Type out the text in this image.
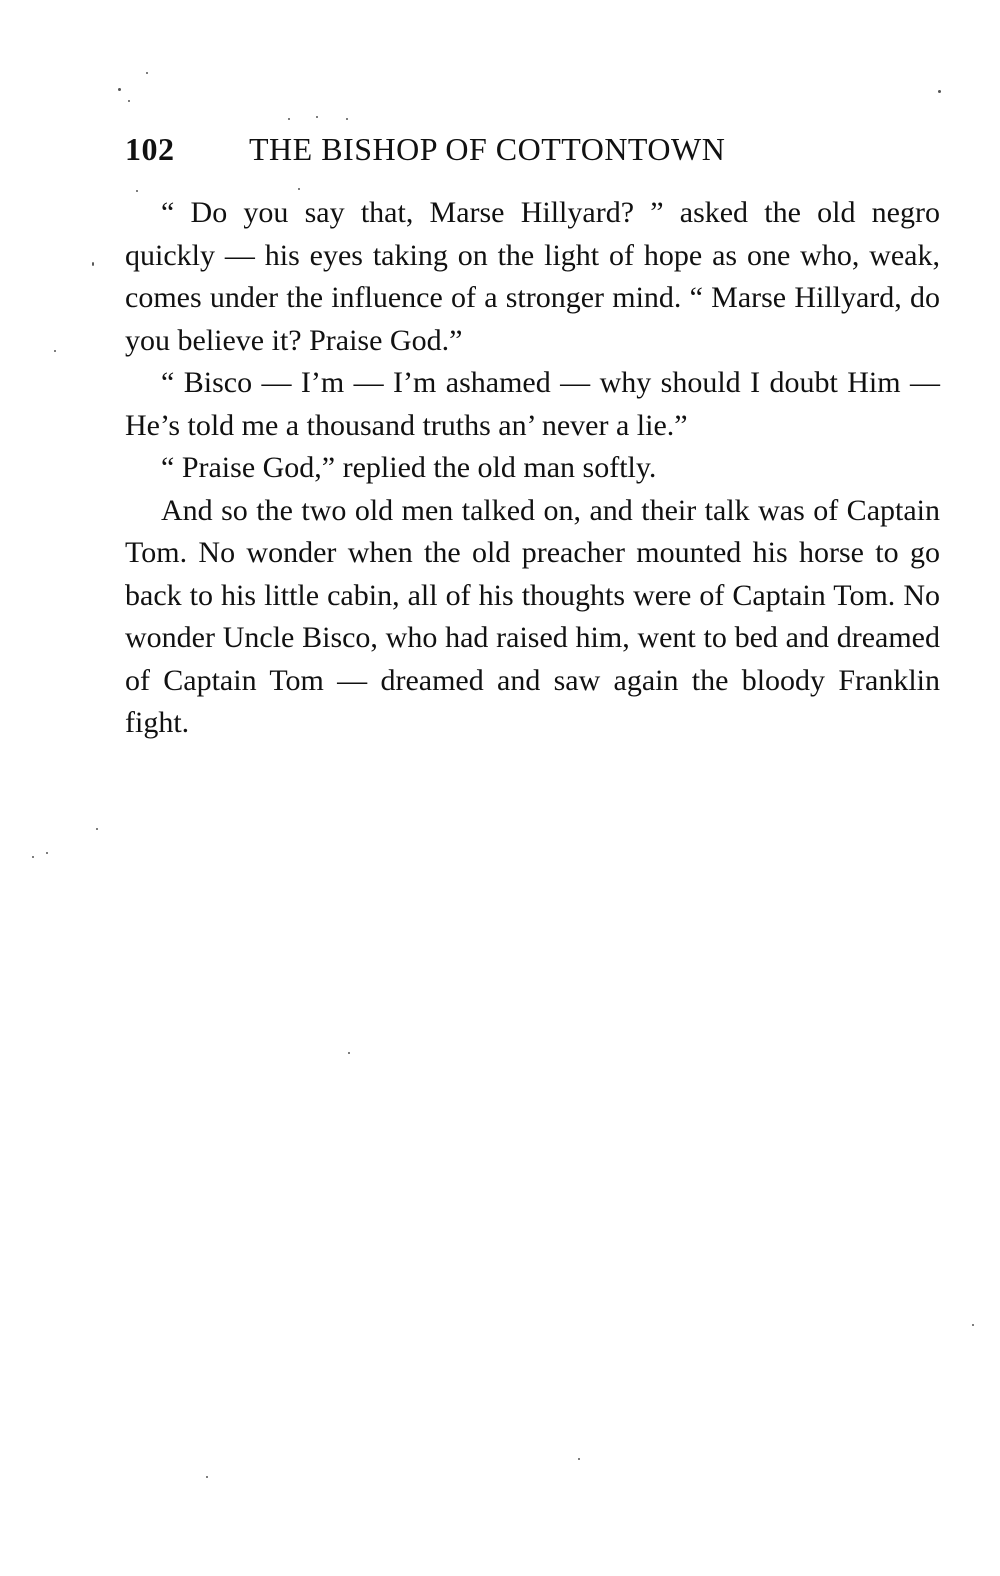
102 THE BISHOP OF COTTONTOWN

“ Do you say that, Marse Hillyard? ” asked the old negro quickly — his eyes taking on the light of hope as one who, weak, comes under the influence of a stronger mind. “ Marse Hillyard, do you believe it? Praise God.”

“ Bisco — I’m — I’m ashamed — why should I doubt Him — He’s told me a thousand truths an’ never a lie.”

“ Praise God,” replied the old man softly.

And so the two old men talked on, and their talk was of Captain Tom. No wonder when the old preacher mounted his horse to go back to his little cabin, all of his thoughts were of Captain Tom. No wonder Uncle Bisco, who had raised him, went to bed and dreamed of Captain Tom — dreamed and saw again the bloody Franklin fight.
